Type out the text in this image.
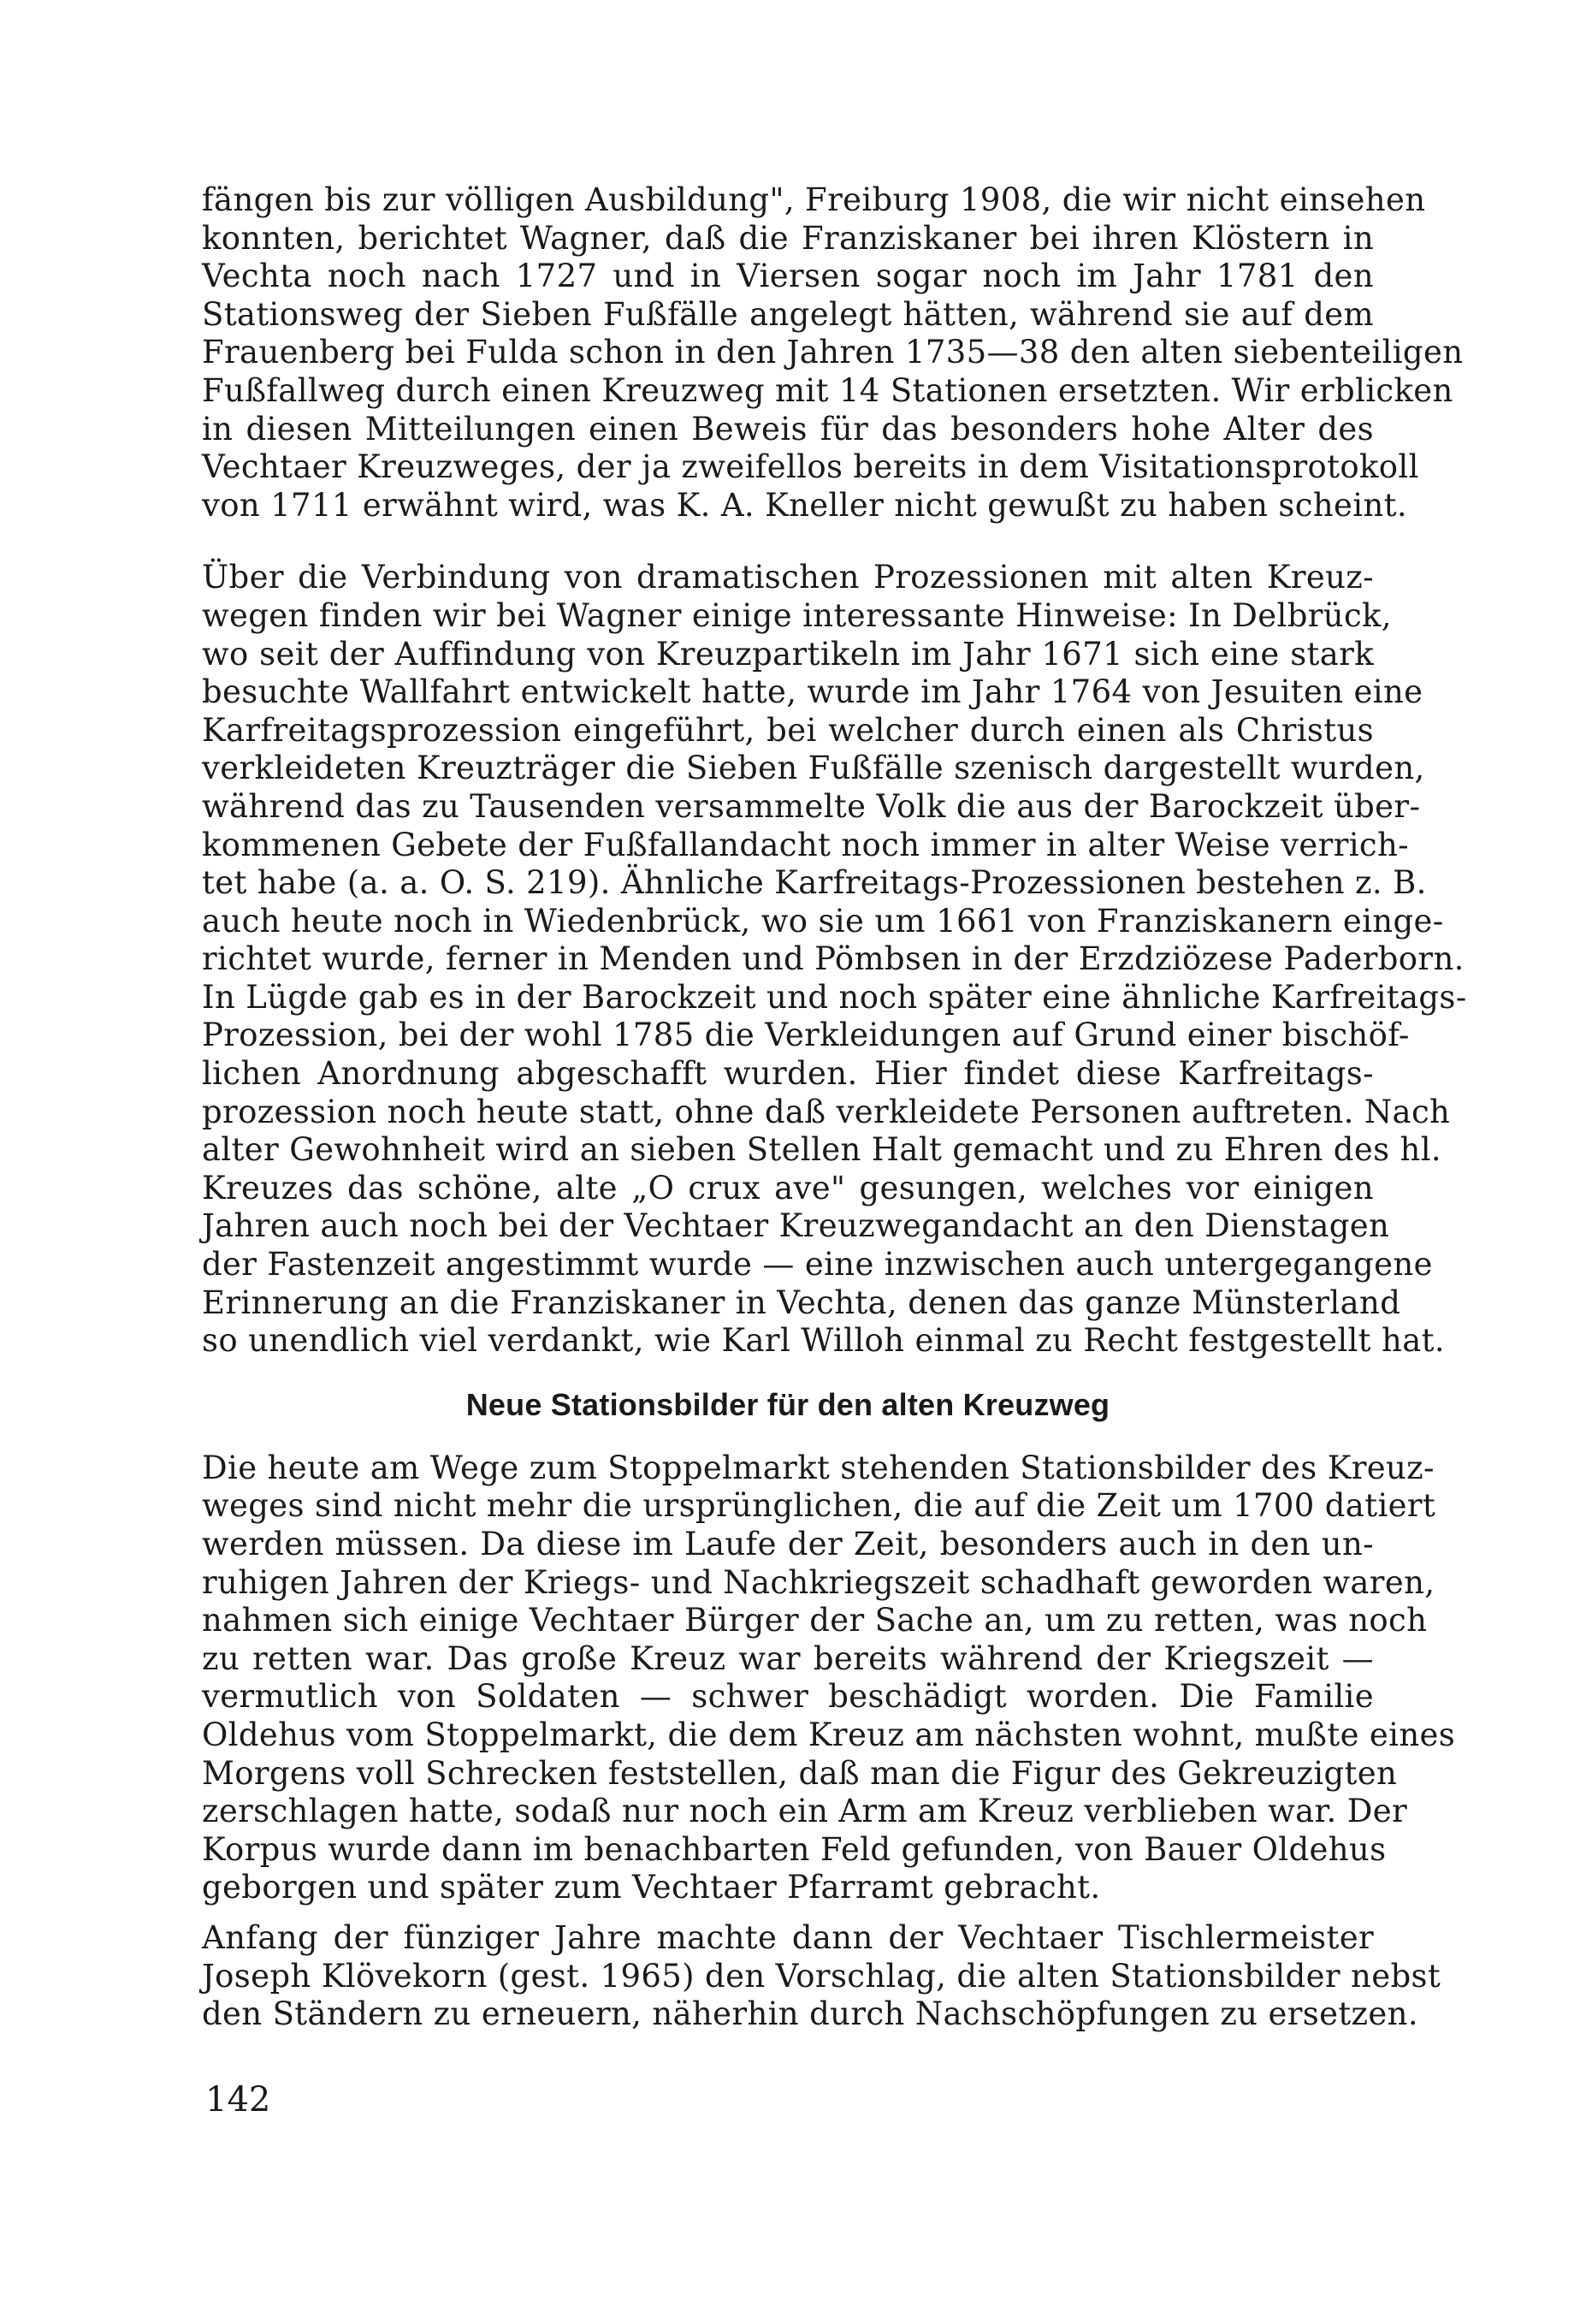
fängen bis zur völligen Ausbildung", Freiburg 1908, die wir nicht einsehen
konnten, berichtet Wagner, daß die Franziskaner bei ihren Klöstern in
Vechta noch nach 1727 und in Viersen sogar noch im Jahr 1781 den
Stationsweg der Sieben Fußfälle angelegt hätten, während sie auf dem
Frauenberg bei Fulda schon in den Jahren 1735—38 den alten siebenteiligen
Fußfallweg durch einen Kreuzweg mit 14 Stationen ersetzten. Wir erblicken
in diesen Mitteilungen einen Beweis für das besonders hohe Alter des
Vechtaer Kreuzweges, der ja zweifellos bereits in dem Visitationsprotokoll
von 1711 erwähnt wird, was K. A. Kneller nicht gewußt zu haben scheint.
Über die Verbindung von dramatischen Prozessionen mit alten Kreuz-
wegen finden wir bei Wagner einige interessante Hinweise: In Delbrück,
wo seit der Auffindung von Kreuzpartikeln im Jahr 1671 sich eine stark
besuchte Wallfahrt entwickelt hatte, wurde im Jahr 1764 von Jesuiten eine
Karfreitagsprozession eingeführt, bei welcher durch einen als Christus
verkleideten Kreuzträger die Sieben Fußfälle szenisch dargestellt wurden,
während das zu Tausenden versammelte Volk die aus der Barockzeit über-
kommenen Gebete der Fußfallandacht noch immer in alter Weise verrich-
tet habe (a. a. O. S. 219). Ähnliche Karfreitags-Prozessionen bestehen z. B.
auch heute noch in Wiedenbrück, wo sie um 1661 von Franziskanern einge-
richtet wurde, ferner in Menden und Pömbsen in der Erzdziözese Paderborn.
In Lügde gab es in der Barockzeit und noch später eine ähnliche Karfreitags-
Prozession, bei der wohl 1785 die Verkleidungen auf Grund einer bischöf-
lichen Anordnung abgeschafft wurden. Hier findet diese Karfreitags-
prozession noch heute statt, ohne daß verkleidete Personen auftreten. Nach
alter Gewohnheit wird an sieben Stellen Halt gemacht und zu Ehren des hl.
Kreuzes das schöne, alte „O crux ave" gesungen, welches vor einigen
Jahren auch noch bei der Vechtaer Kreuzwegandacht an den Dienstagen
der Fastenzeit angestimmt wurde — eine inzwischen auch untergegangene
Erinnerung an die Franziskaner in Vechta, denen das ganze Münsterland
so unendlich viel verdankt, wie Karl Willoh einmal zu Recht festgestellt hat.
Neue Stationsbilder für den alten Kreuzweg
Die heute am Wege zum Stoppelmarkt stehenden Stationsbilder des Kreuz-
weges sind nicht mehr die ursprünglichen, die auf die Zeit um 1700 datiert
werden müssen. Da diese im Laufe der Zeit, besonders auch in den un-
ruhigen Jahren der Kriegs- und Nachkriegszeit schadhaft geworden waren,
nahmen sich einige Vechtaer Bürger der Sache an, um zu retten, was noch
zu retten war. Das große Kreuz war bereits während der Kriegszeit —
vermutlich von Soldaten — schwer beschädigt worden. Die Familie
Oldehus vom Stoppelmarkt, die dem Kreuz am nächsten wohnt, mußte eines
Morgens voll Schrecken feststellen, daß man die Figur des Gekreuzigten
zerschlagen hatte, sodaß nur noch ein Arm am Kreuz verblieben war. Der
Korpus wurde dann im benachbarten Feld gefunden, von Bauer Oldehus
geborgen und später zum Vechtaer Pfarramt gebracht.
Anfang der fünziger Jahre machte dann der Vechtaer Tischlermeister
Joseph Klövekorn (gest. 1965) den Vorschlag, die alten Stationsbilder nebst
den Ständern zu erneuern, näherhin durch Nachschöpfungen zu ersetzen.
142
